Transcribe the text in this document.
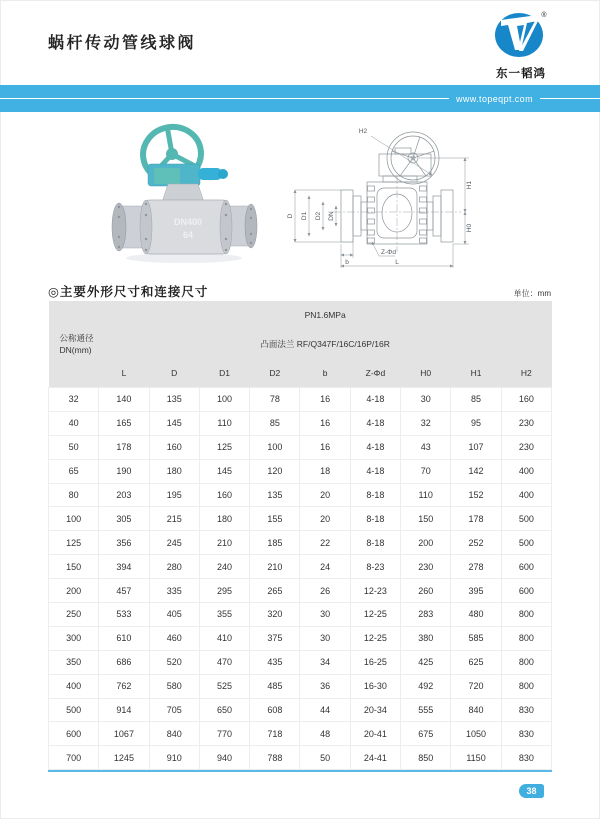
蜗杆传动管线球阀
®
东一韬鸿
www.topeqpt.com
DN400
64
D D1 D2 DN
H2
H1
H0
b
Z-Φd
L
◎主要外形尺寸和连接尺寸	单位：mm
公称通径
DN(mm)	PN1.6MPa								
	凸面法兰 RF/Q347F/16C/16P/16R								
	L	D	D1	D2	b	Z-Φd	H0	H1	H2
32	140	135	100	78	16	4-18	30	85	160
40	165	145	110	85	16	4-18	32	95	230
50	178	160	125	100	16	4-18	43	107	230
65	190	180	145	120	18	4-18	70	142	400
80	203	195	160	135	20	8-18	110	152	400
100	305	215	180	155	20	8-18	150	178	500
125	356	245	210	185	22	8-18	200	252	500
150	394	280	240	210	24	8-23	230	278	600
200	457	335	295	265	26	12-23	260	395	600
250	533	405	355	320	30	12-25	283	480	800
300	610	460	410	375	30	12-25	380	585	800
350	686	520	470	435	34	16-25	425	625	800
400	762	580	525	485	36	16-30	492	720	800
500	914	705	650	608	44	20-34	555	840	830
600	1067	840	770	718	48	20-41	675	1050	830
700	1245	910	940	788	50	24-41	850	1150	830
38
